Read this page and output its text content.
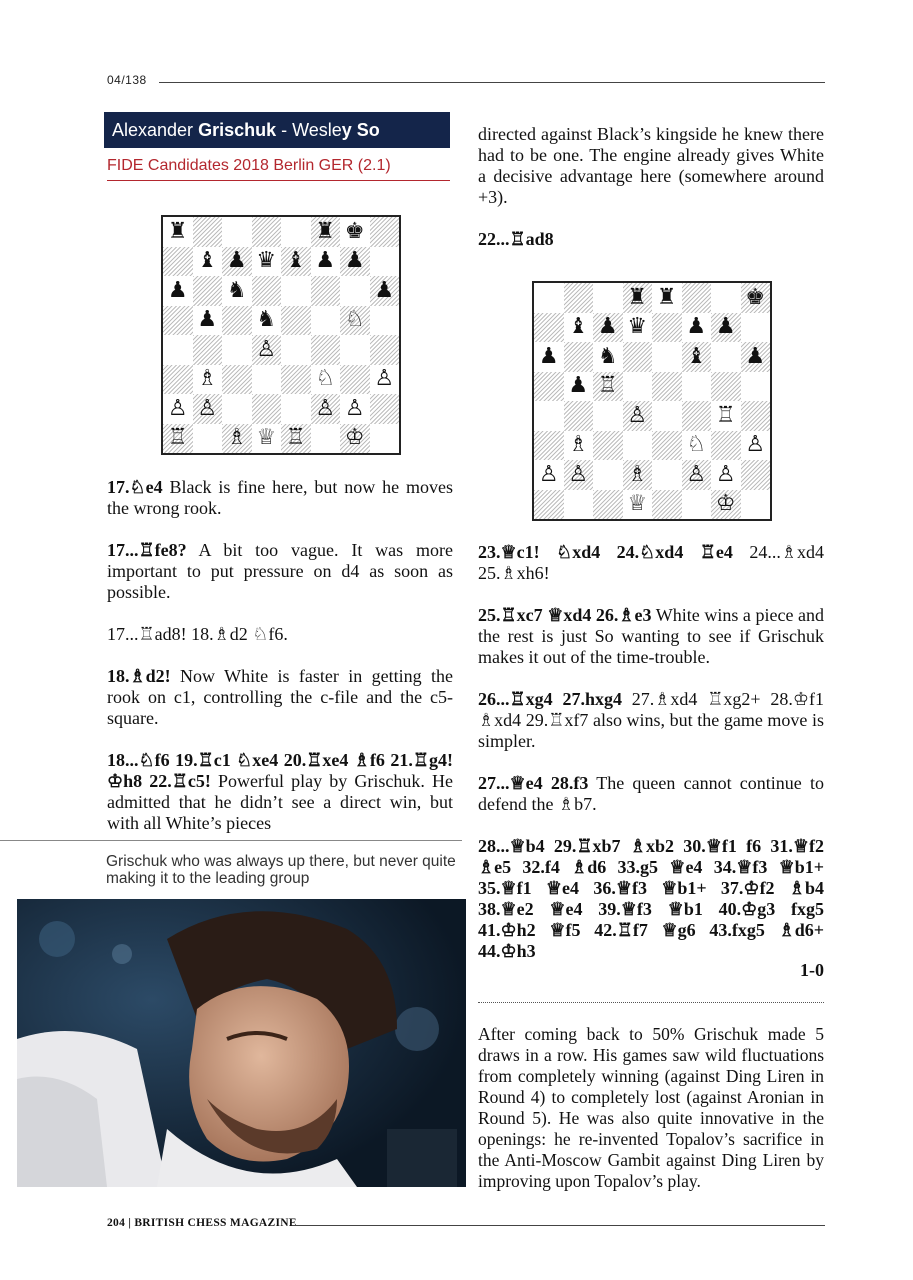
04/138
Alexander Grischuk - Wesley So
FIDE Candidates 2018 Berlin GER (2.1)
♜	♜ ♚
♝ ♟ ♛ ♝ ♟ ♟
♟ ♞	♟
♟ ♞	♘
♙
♗	♘ ♙
♙ ♙	♙ ♙
♖ ♗ ♕ ♖ ♔
♜ ♜	♚
♝ ♟ ♛ ♟ ♟
♟ ♞	♝ ♟
♟ ♖
♙	♖
♗	♘ ♙
♙ ♙ ♗ ♙ ♙
♕	♔

17.♘e4 Black is fine here, but now he moves the wrong rook.

17...♖fe8? A bit too vague. It was more important to put pressure on d4 as soon as possible.

17...♖ad8! 18.♗d2 ♘f6.

18.♗d2! Now White is faster in getting the rook on c1, controlling the c-file and the c5-square.

18...♘f6 19.♖c1 ♘xe4 20.♖xe4 ♗f6 21.♖g4! ♔h8 22.♖c5! Powerful play by Grischuk. He admitted that he didn’t see a direct win, but with all White’s pieces

Grischuk who was always up there, but never quite making it to the leading group

directed against Black’s kingside he knew there had to be one. The engine already gives White a decisive advantage here (somewhere around +3).

22...♖ad8

23.♕c1! ♘xd4 24.♘xd4 ♖e4 24...♗xd4 25.♗xh6!

25.♖xc7 ♕xd4 26.♗e3 White wins a piece and the rest is just So wanting to see if Grischuk makes it out of the time-trouble.

26...♖xg4 27.hxg4 27.♗xd4 ♖xg2+ 28.♔f1 ♗xd4 29.♖xf7 also wins, but the game move is simpler.

27...♕e4 28.f3 The queen cannot continue to defend the ♗b7.

28...♕b4 29.♖xb7 ♗xb2 30.♕f1 f6 31.♕f2 ♗e5 32.f4 ♗d6 33.g5 ♕e4 34.♕f3 ♕b1+ 35.♕f1 ♕e4 36.♕f3 ♕b1+ 37.♔f2 ♗b4 38.♕e2 ♕e4 39.♕f3 ♕b1 40.♔g3 fxg5 41.♔h2 ♕f5 42.♖f7 ♕g6 43.fxg5 ♗d6+ 44.♔h3

1-0

After coming back to 50% Grischuk made 5 draws in a row. His games saw wild fluctuations from completely winning (against Ding Liren in Round 4) to completely lost (against Aronian in Round 5). He was also quite innovative in the openings: he re-invented Topalov’s sacrifice in the Anti-Moscow Gambit against Ding Liren by improving upon Topalov’s play.

204 | BRITISH CHESS MAGAZINE
